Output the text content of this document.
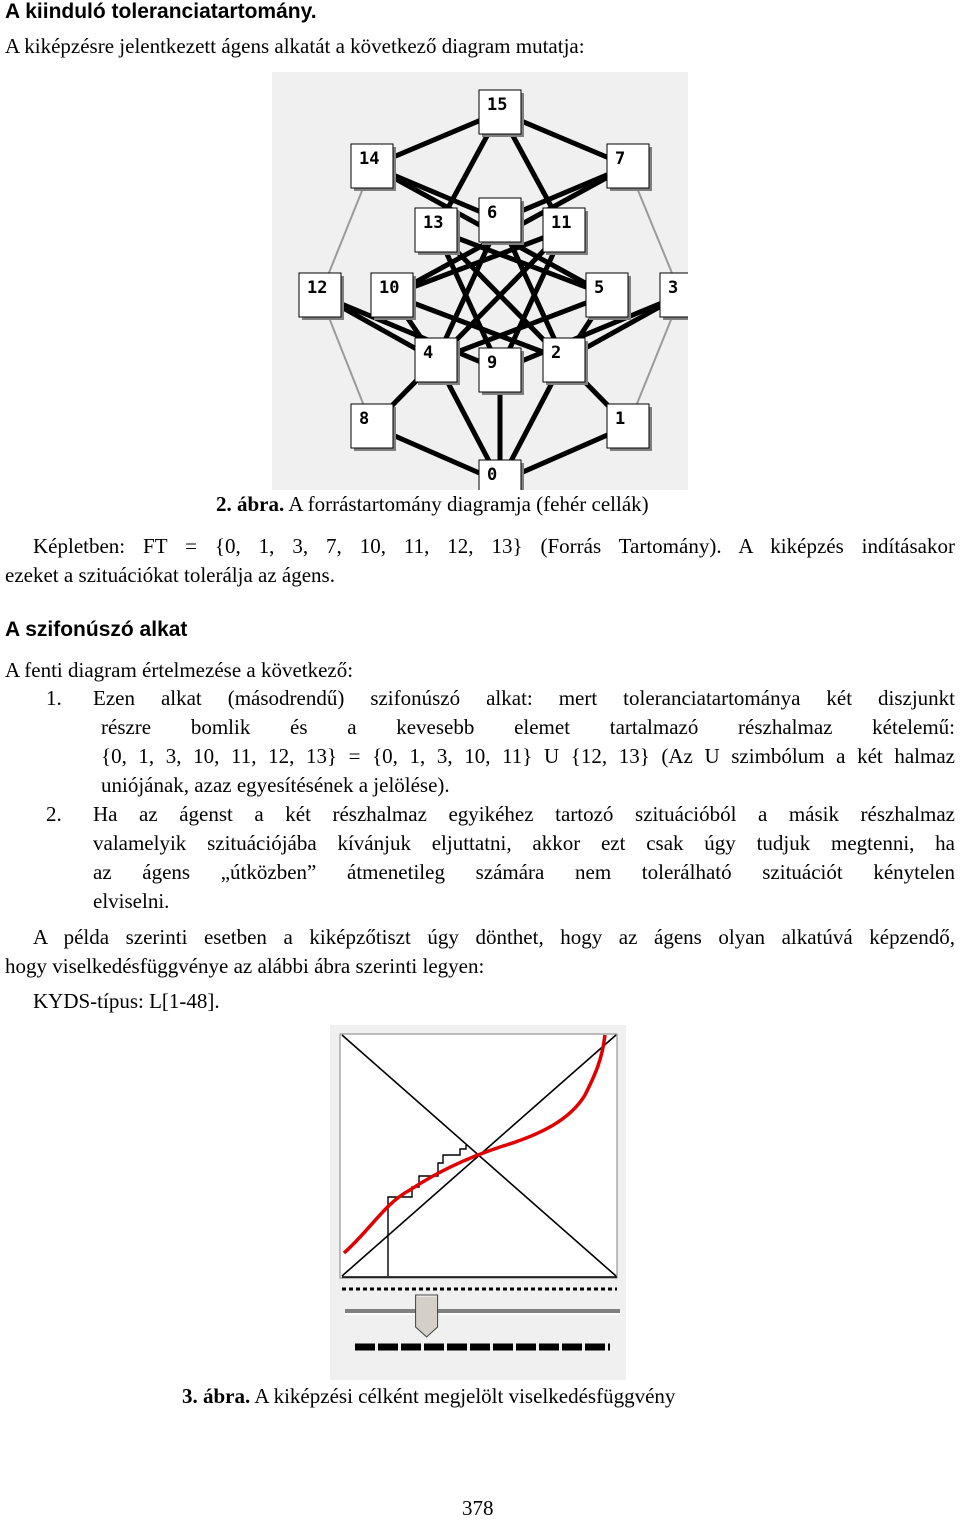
A kiinduló toleranciatartomány.
A kiképzésre jelentkezett ágens alkatát a következő diagram mutatja:
15
14	7
13	6	11
12	10	5	3
4	9	2
8	1
0
2. ábra. A forrástartomány diagramja (fehér cellák)

Képletben: FT = {0, 1, 3, 7, 10, 11, 12, 13} (Forrás Tartomány). A kiképzés indításakor

ezeket a szituációkat tolerálja az ágens.

A szifonúszó alkat
A fenti diagram értelmezése a következő:
1. Ezen alkat (másodrendű) szifonúszó alkat: mert toleranciatartománya két diszjunkt

részre bomlik és a kevesebb elemet tartalmazó részhalmaz kételemű:

{0, 1, 3, 10, 11, 12, 13} = {0, 1, 3, 10, 11} U {12, 13} (Az U szimbólum a két halmaz

uniójának, azaz egyesítésének a jelölése).

2. Ha az ágenst a két részhalmaz egyikéhez tartozó szituációból a másik részhalmaz

valamelyik szituációjába kívánjuk eljuttatni, akkor ezt csak úgy tudjuk megtenni, ha

az ágens „útközben” átmenetileg számára nem tolerálható szituációt kénytelen

elviselni.

A példa szerinti esetben a kiképzőtiszt úgy dönthet, hogy az ágens olyan alkatúvá képzendő,

hogy viselkedésfüggvénye az alábbi ábra szerinti legyen:

KYDS-típus: L[1-48].
3. ábra. A kiképzési célként megjelölt viselkedésfüggvény
378
